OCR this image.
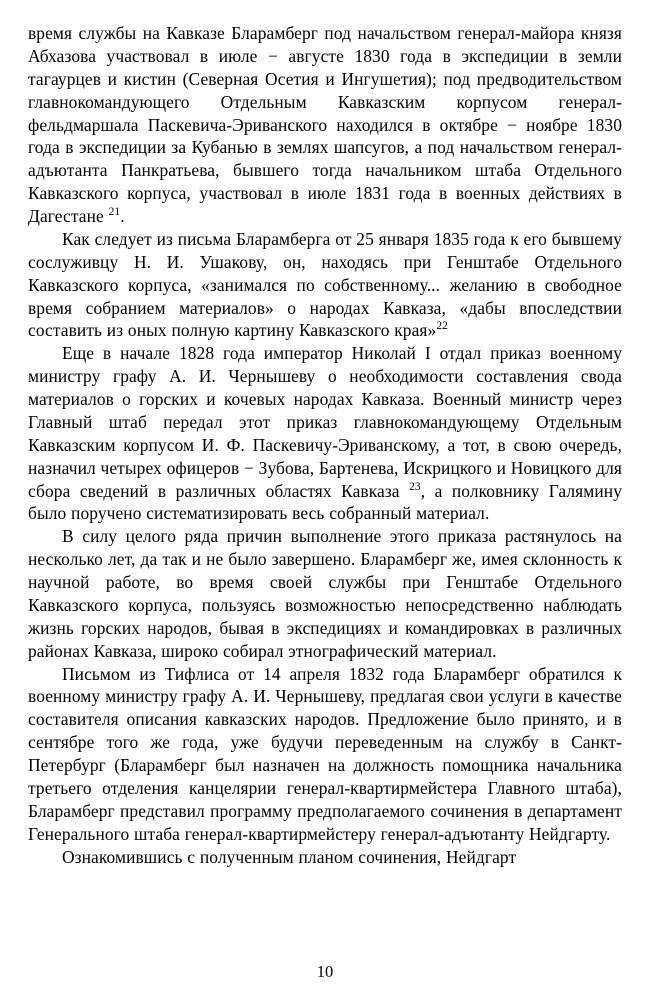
время службы на Кавказе Бларамберг под начальством генерал-майора князя Абхазова участвовал в июле − августе 1830 года в экспедиции в земли тагаурцев и кистин (Северная Осетия и Ингушетия); под предводительством главнокомандующего Отдельным Кавказским корпусом генерал-фельдмаршала Паскевича-Эриванского находился в октябре − ноябре 1830 года в экспедиции за Кубанью в землях шапсугов, а под начальством генерал-адъютанта Панкратьева, бывшего тогда начальником штаба Отдельного Кавказского корпуса, участвовал в июле 1831 года в военных действиях в Дагестане $^{21}$.

Как следует из письма Бларамберга от 25 января 1835 года к его бывшему сослуживцу Н. И. Ушакову, он, находясь при Генштабе Отдельного Кавказского корпуса, «занимался по собственному... желанию в свободное время собранием материалов» о народах Кавказа, «дабы впоследствии составить из оных полную картину Кавказского края»$^{22}$

Еще в начале 1828 года император Николай I отдал приказ военному министру графу А. И. Чернышеву о необходимости составления свода материалов о горских и кочевых народах Кавказа. Военный министр через Главный штаб передал этот приказ главнокомандующему Отдельным Кавказским корпусом И. Ф. Паскевичу-Эриванскому, а тот, в свою очередь, назначил четырех офицеров − Зубова, Бартенева, Искрицкого и Новицкого для сбора сведений в различных областях Кавказа $^{23}$, а полковнику Галямину было поручено систематизировать весь собранный материал.

В силу целого ряда причин выполнение этого приказа растянулось на несколько лет, да так и не было завершено. Бларамберг же, имея склонность к научной работе, во время своей службы при Генштабе Отдельного Кавказского корпуса, пользуясь возможностью непосредственно наблюдать жизнь горских народов, бывая в экспедициях и командировках в различных районах Кавказа, широко собирал этнографический материал.

Письмом из Тифлиса от 14 апреля 1832 года Бларамберг обратился к военному министру графу А. И. Чернышеву, предлагая свои услуги в качестве составителя описания кавказских народов. Предложение было принято, и в сентябре того же года, уже будучи переведенным на службу в Санкт-Петербург (Бларамберг был назначен на должность помощника начальника третьего отделения канцелярии генерал-квартирмейстера Главного штаба), Бларамберг представил программу предполагаемого сочинения в департамент Генерального штаба генерал-квартирмейстеру генерал-адъютанту Нейдгарту.

Ознакомившись с полученным планом сочинения, Нейдгарт

10
